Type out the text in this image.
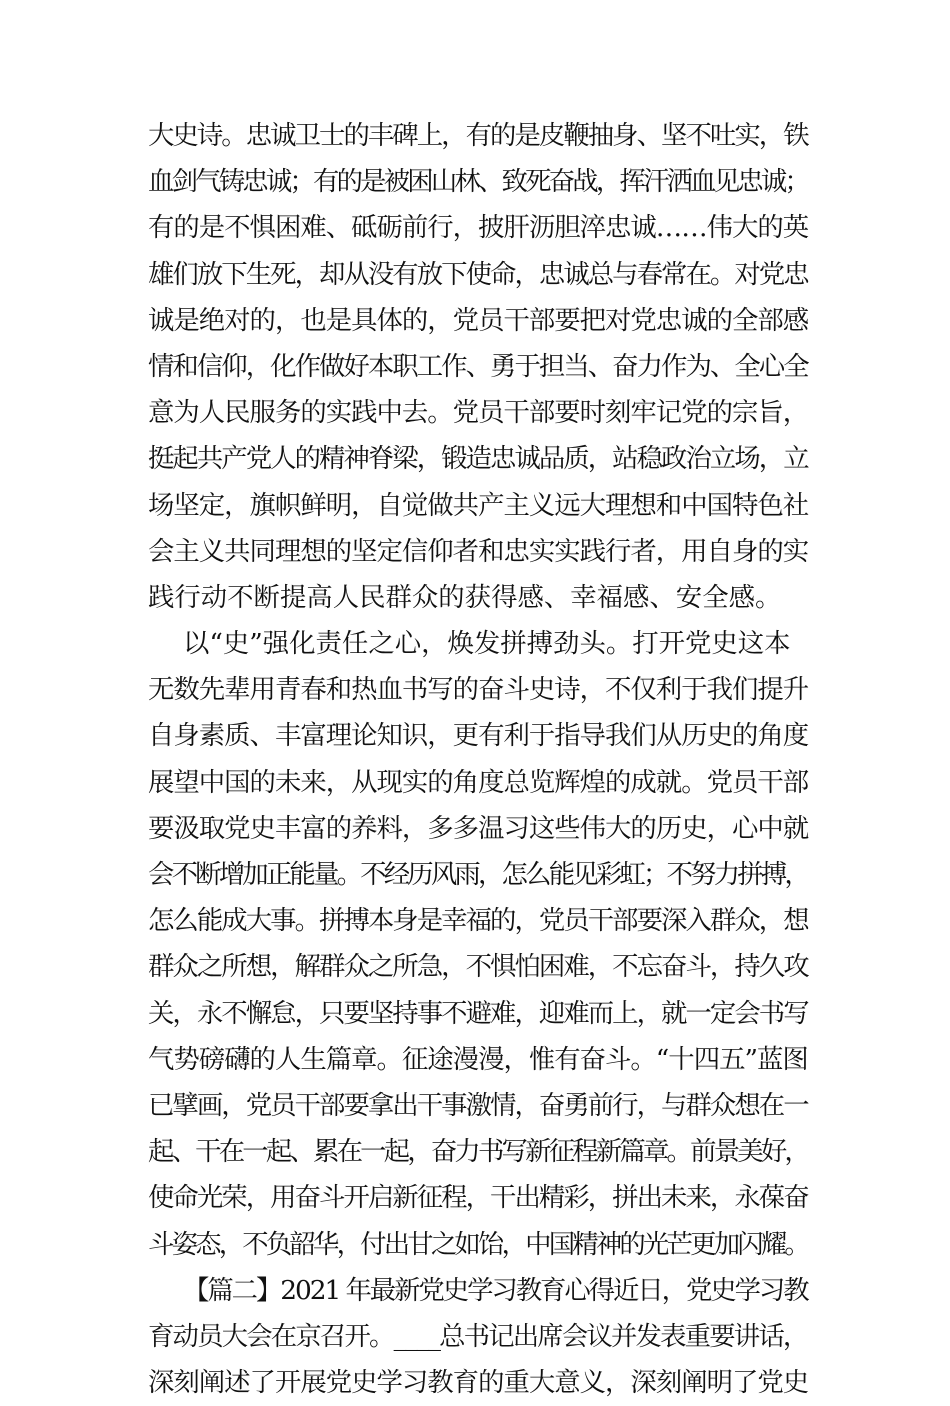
大史诗。忠诚卫士的丰碑上，有的是皮鞭抽身、坚不吐实，铁
血剑气铸忠诚；有的是被困山林、致死奋战，挥汗洒血见忠诚；
有的是不惧困难、砥砺前行，披肝沥胆淬忠诚……伟大的英
雄们放下生死，却从没有放下使命，忠诚总与春常在。对党忠
诚是绝对的，也是具体的，党员干部要把对党忠诚的全部感
情和信仰，化作做好本职工作、勇于担当、奋力作为、全心全
意为人民服务的实践中去。党员干部要时刻牢记党的宗旨，
挺起共产党人的精神脊梁，锻造忠诚品质，站稳政治立场，立
场坚定，旗帜鲜明，自觉做共产主义远大理想和中国特色社
会主义共同理想的坚定信仰者和忠实实践行者，用自身的实
践行动不断提高人民群众的获得感、幸福感、安全感。
以“史”强化责任之心，焕发拼搏劲头。打开党史这本
无数先辈用青春和热血书写的奋斗史诗，不仅利于我们提升
自身素质、丰富理论知识，更有利于指导我们从历史的角度
展望中国的未来，从现实的角度总览辉煌的成就。党员干部
要汲取党史丰富的养料，多多温习这些伟大的历史，心中就
会不断增加正能量。不经历风雨，怎么能见彩虹；不努力拼搏，
怎么能成大事。拼搏本身是幸福的，党员干部要深入群众，想
群众之所想，解群众之所急，不惧怕困难，不忘奋斗，持久攻
关，永不懈怠，只要坚持事不避难，迎难而上，就一定会书写
气势磅礴的人生篇章。征途漫漫，惟有奋斗。“十四五”蓝图
已擘画，党员干部要拿出干事激情，奋勇前行，与群众想在一
起、干在一起、累在一起，奋力书写新征程新篇章。前景美好，
使命光荣，用奋斗开启新征程，干出精彩，拼出未来，永葆奋
斗姿态，不负韶华，付出甘之如饴，中国精神的光芒更加闪耀。
【篇二】2021 年最新党史学习教育心得近日，党史学习教
育动员大会在京召开。____总书记出席会议并发表重要讲话，
深刻阐述了开展党史学习教育的重大意义，深刻阐明了党史
